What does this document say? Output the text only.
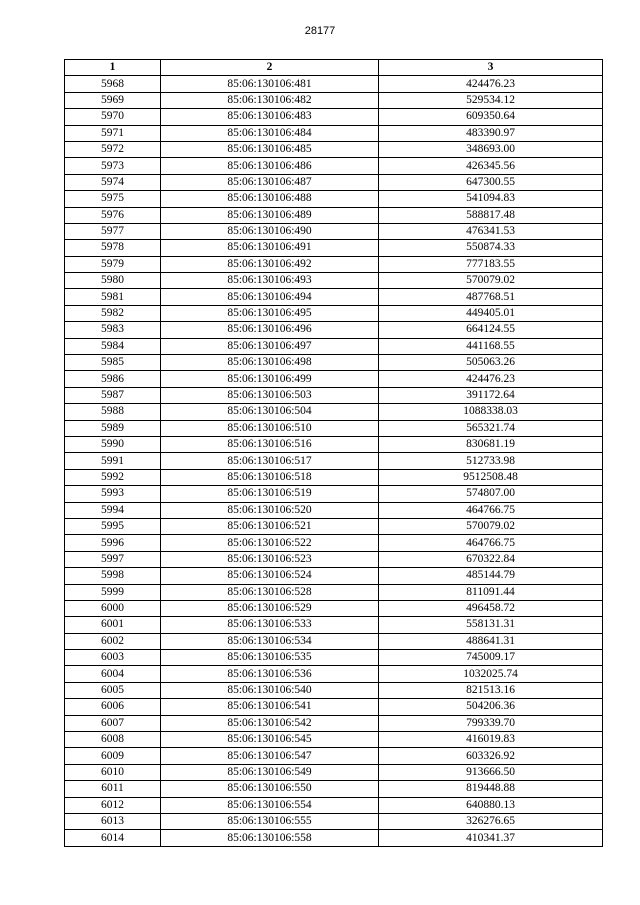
28177
1	2	3
5968	85:06:130106:481	424476.23
5969	85:06:130106:482	529534.12
5970	85:06:130106:483	609350.64
5971	85:06:130106:484	483390.97
5972	85:06:130106:485	348693.00
5973	85:06:130106:486	426345.56
5974	85:06:130106:487	647300.55
5975	85:06:130106:488	541094.83
5976	85:06:130106:489	588817.48
5977	85:06:130106:490	476341.53
5978	85:06:130106:491	550874.33
5979	85:06:130106:492	777183.55
5980	85:06:130106:493	570079.02
5981	85:06:130106:494	487768.51
5982	85:06:130106:495	449405.01
5983	85:06:130106:496	664124.55
5984	85:06:130106:497	441168.55
5985	85:06:130106:498	505063.26
5986	85:06:130106:499	424476.23
5987	85:06:130106:503	391172.64
5988	85:06:130106:504	1088338.03
5989	85:06:130106:510	565321.74
5990	85:06:130106:516	830681.19
5991	85:06:130106:517	512733.98
5992	85:06:130106:518	9512508.48
5993	85:06:130106:519	574807.00
5994	85:06:130106:520	464766.75
5995	85:06:130106:521	570079.02
5996	85:06:130106:522	464766.75
5997	85:06:130106:523	670322.84
5998	85:06:130106:524	485144.79
5999	85:06:130106:528	811091.44
6000	85:06:130106:529	496458.72
6001	85:06:130106:533	558131.31
6002	85:06:130106:534	488641.31
6003	85:06:130106:535	745009.17
6004	85:06:130106:536	1032025.74
6005	85:06:130106:540	821513.16
6006	85:06:130106:541	504206.36
6007	85:06:130106:542	799339.70
6008	85:06:130106:545	416019.83
6009	85:06:130106:547	603326.92
6010	85:06:130106:549	913666.50
6011	85:06:130106:550	819448.88
6012	85:06:130106:554	640880.13
6013	85:06:130106:555	326276.65
6014	85:06:130106:558	410341.37
